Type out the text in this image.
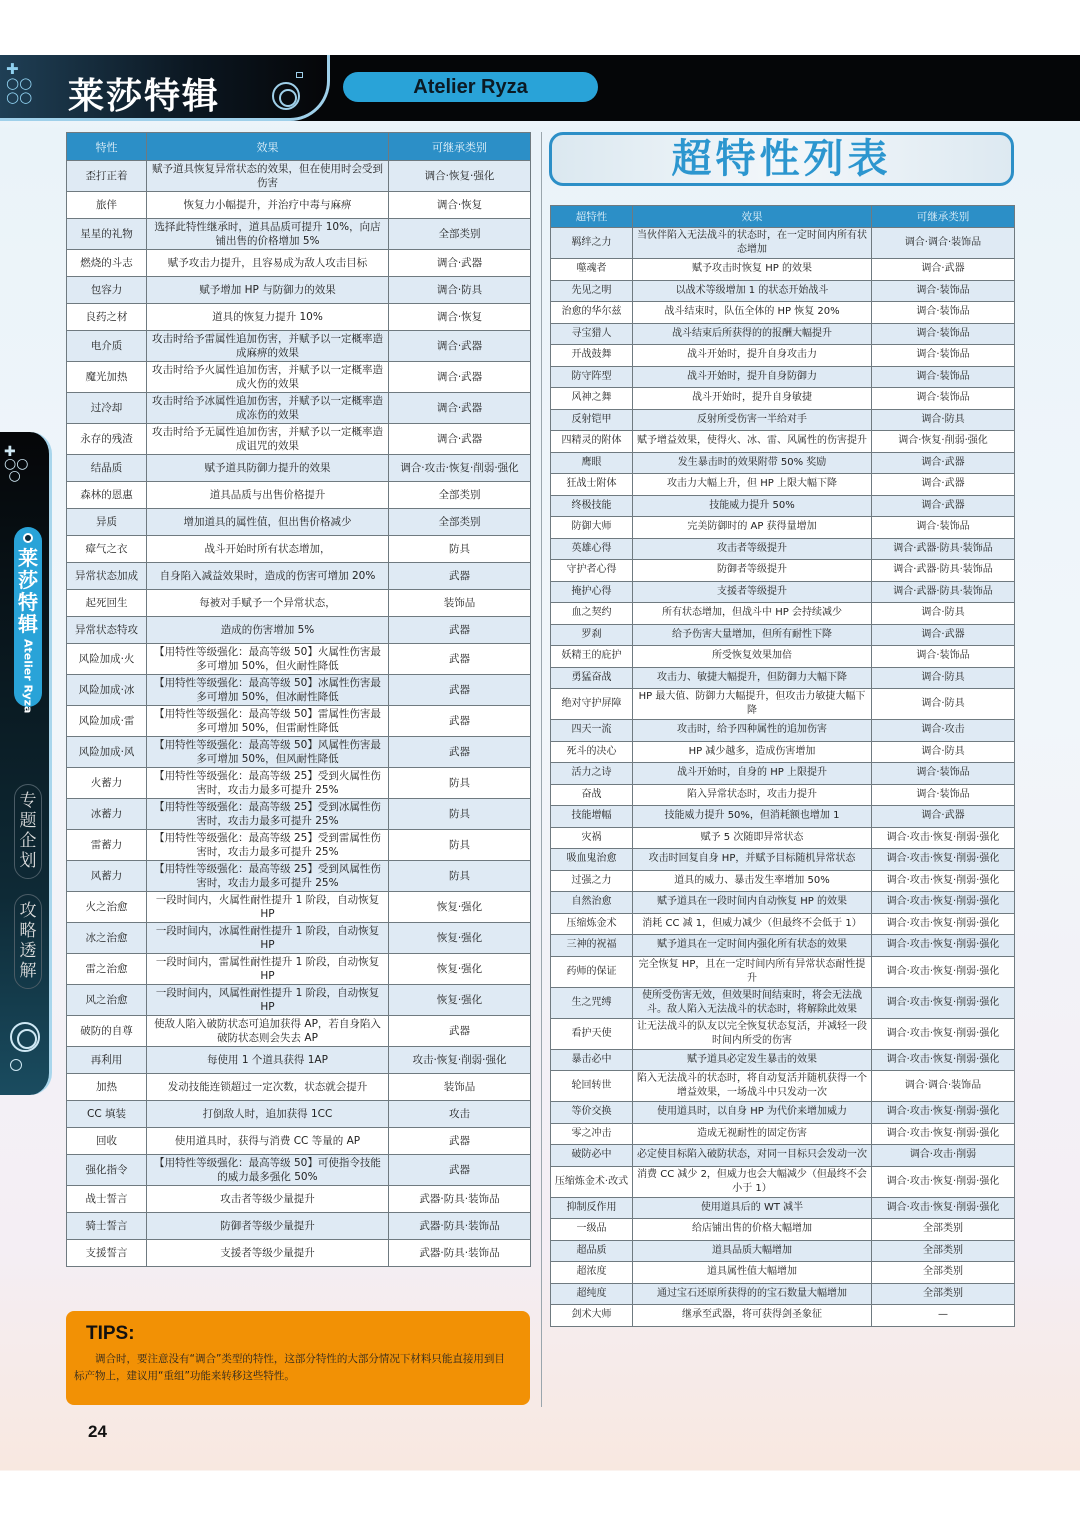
✚
○○
○○ 莱莎特辑	Atelier Ryza
✚
○○
○
莱
莎
特
辑
Atelier Ryza
专题企划
攻略透解
特性	效果	可继承类别
歪打正着	赋予道具恢复异常状态的效果，但在使用时会受到伤害	调合·恢复·强化
旅伴	恢复力小幅提升，并治疗中毒与麻痹	调合·恢复
星星的礼物	选择此特性继承时，道具品质可提升 10%，向店铺出售的价格增加 5%	全部类别
燃烧的斗志	赋予攻击力提升，且容易成为敌人攻击目标	调合·武器
包容力	赋予增加 HP 与防御力的效果	调合·防具
良药之材	道具的恢复力提升 10%	调合·恢复
电介质	攻击时给予雷属性追加伤害，并赋予以一定概率造成麻痹的效果	调合·武器
魔光加热	攻击时给予火属性追加伤害，并赋予以一定概率造成火伤的效果	调合·武器
过冷却	攻击时给予冰属性追加伤害，并赋予以一定概率造成冻伤的效果	调合·武器
永存的残渣	攻击时给予无属性追加伤害，并赋予以一定概率造成诅咒的效果	调合·武器
结晶质	赋予道具防御力提升的效果	调合·攻击·恢复·削弱·强化
森林的恩惠	道具品质与出售价格提升	全部类别
异质	增加道具的属性值，但出售价格减少	全部类别
瘴气之衣	战斗开始时所有状态增加，	防具
异常状态加成	自身陷入减益效果时，造成的伤害可增加 20%	武器
起死回生	每被对手赋予一个异常状态，	装饰品
异常状态特攻	造成的伤害增加 5%	武器
风险加成·火	【用特性等级强化：最高等级 50】火属性伤害最多可增加 50%，但火耐性降低	武器
风险加成·冰	【用特性等级强化：最高等级 50】冰属性伤害最多可增加 50%，但冰耐性降低	武器
风险加成·雷	【用特性等级强化：最高等级 50】雷属性伤害最多可增加 50%，但雷耐性降低	武器
风险加成·风	【用特性等级强化：最高等级 50】风属性伤害最多可增加 50%，但风耐性降低	武器
火蓄力	【用特性等级强化：最高等级 25】受到火属性伤害时，攻击力最多可提升 25%	防具
冰蓄力	【用特性等级强化：最高等级 25】受到冰属性伤害时，攻击力最多可提升 25%	防具
雷蓄力	【用特性等级强化：最高等级 25】受到雷属性伤害时，攻击力最多可提升 25%	防具
风蓄力	【用特性等级强化：最高等级 25】受到风属性伤害时，攻击力最多可提升 25%	防具
火之治愈	一段时间内，火属性耐性提升 1 阶段，自动恢复 HP	恢复·强化
冰之治愈	一段时间内，冰属性耐性提升 1 阶段，自动恢复 HP	恢复·强化
雷之治愈	一段时间内，雷属性耐性提升 1 阶段，自动恢复 HP	恢复·强化
风之治愈	一段时间内，风属性耐性提升 1 阶段，自动恢复 HP	恢复·强化
破防的自尊	使敌人陷入破防状态可追加获得 AP，若自身陷入破防状态则会失去 AP	武器
再利用	每使用 1 个道具获得 1AP	攻击·恢复·削弱·强化
加热	发动技能连锁超过一定次数，状态就会提升	装饰品
CC 填装	打倒敌人时，追加获得 1CC	攻击
回收	使用道具时，获得与消费 CC 等量的 AP	武器
强化指令	【用特性等级强化：最高等级 50】可使指令技能的威力最多强化 50%	武器
战士誓言	攻击者等级少量提升	武器·防具·装饰品
骑士誓言	防御者等级少量提升	武器·防具·装饰品
支援誓言	支援者等级少量提升	武器·防具·装饰品
超特性列表
超特性	效果	可继承类别
羁绊之力	当伙伴陷入无法战斗的状态时，在一定时间内所有状态增加	调合·调合·装饰品
噬魂者	赋予攻击时恢复 HP 的效果	调合·武器
先见之明	以战术等级增加 1 的状态开始战斗	调合·装饰品
治愈的华尔兹	战斗结束时，队伍全体的 HP 恢复 20%	调合·装饰品
寻宝猎人	战斗结束后所获得的的报酬大幅提升	调合·装饰品
开战鼓舞	战斗开始时，提升自身攻击力	调合·装饰品
防守阵型	战斗开始时，提升自身防御力	调合·装饰品
风神之舞	战斗开始时，提升自身敏捷	调合·装饰品
反射铠甲	反射所受伤害一半给对手	调合·防具
四精灵的附体	赋予增益效果，使得火、冰、雷、风属性的伤害提升	调合·恢复·削弱·强化
鹰眼	发生暴击时的效果附带 50% 奖励	调合·武器
狂战士附体	攻击力大幅上升，但 HP 上限大幅下降	调合·武器
终极技能	技能威力提升 50%	调合·武器
防御大师	完美防御时的 AP 获得量增加	调合·装饰品
英雄心得	攻击者等级提升	调合·武器·防具·装饰品
守护者心得	防御者等级提升	调合·武器·防具·装饰品
掩护心得	支援者等级提升	调合·武器·防具·装饰品
血之契约	所有状态增加，但战斗中 HP 会持续减少	调合·防具
罗刹	给予伤害大量增加，但所有耐性下降	调合·武器
妖精王的庇护	所受恢复效果加倍	调合·装饰品
勇猛奋战	攻击力、敏捷大幅提升，但防御力大幅下降	调合·防具
绝对守护屏障	HP 最大值、防御力大幅提升，但攻击力敏捷大幅下降	调合·防具
四天一流	攻击时，给予四种属性的追加伤害	调合·攻击
死斗的决心	HP 减少越多，造成伤害增加	调合·防具
活力之诗	战斗开始时，自身的 HP 上限提升	调合·装饰品
奋战	陷入异常状态时，攻击力提升	调合·装饰品
技能增幅	技能威力提升 50%，但消耗额也增加 1	调合·武器
灾祸	赋予 5 次随即异常状态	调合·攻击·恢复·削弱·强化
吸血鬼治愈	攻击时回复自身 HP，并赋予目标随机异常状态	调合·攻击·恢复·削弱·强化
过强之力	道具的威力、暴击发生率增加 50%	调合·攻击·恢复·削弱·强化
自然治愈	赋予道具在一段时间内自动恢复 HP 的效果	调合·攻击·恢复·削弱·强化
压缩炼金术	消耗 CC 减 1，但威力减少（但最终不会低于 1）	调合·攻击·恢复·削弱·强化
三神的祝福	赋予道具在一定时间内强化所有状态的效果	调合·攻击·恢复·削弱·强化
药师的保证	完全恢复 HP，且在一定时间内所有异常状态耐性提升	调合·攻击·恢复·削弱·强化
生之咒缚	使所受伤害无效，但效果时间结束时，将会无法战斗。敌人陷入无法战斗的状态时，将解除此效果	调合·攻击·恢复·削弱·强化
看护天使	让无法战斗的队友以完全恢复状态复活，并减轻一段时间内所受的伤害	调合·攻击·恢复·削弱·强化
暴击必中	赋予道具必定发生暴击的效果	调合·攻击·恢复·削弱·强化
轮回转世	陷入无法战斗的状态时，将自动复活并随机获得一个增益效果，一场战斗中只发动一次	调合·调合·装饰品
等价交换	使用道具时，以自身 HP 为代价来增加威力	调合·攻击·恢复·削弱·强化
零之冲击	造成无视耐性的固定伤害	调合·攻击·恢复·削弱·强化
破防必中	必定使目标陷入破防状态，对同一目标只会发动一次	调合·攻击·削弱
压缩炼金术·改式	消费 CC 减少 2，但威力也会大幅减少（但最终不会小于 1）	调合·攻击·恢复·削弱·强化
抑制反作用	使用道具后的 WT 减半	调合·攻击·恢复·削弱·强化
一级品	给店铺出售的价格大幅增加	全部类别
超品质	道具品质大幅增加	全部类别
超浓度	道具属性值大幅增加	全部类别
超纯度	通过宝石还原所获得的的宝石数量大幅增加	全部类别
剑术大师	继承至武器，将可获得剑圣象征	—
TIPS:

调合时，要注意没有“调合”类型的特性，这部分特性的大部分情况下材料只能直接用到目标产物上，建议用“重组”功能来转移这些特性。

24
